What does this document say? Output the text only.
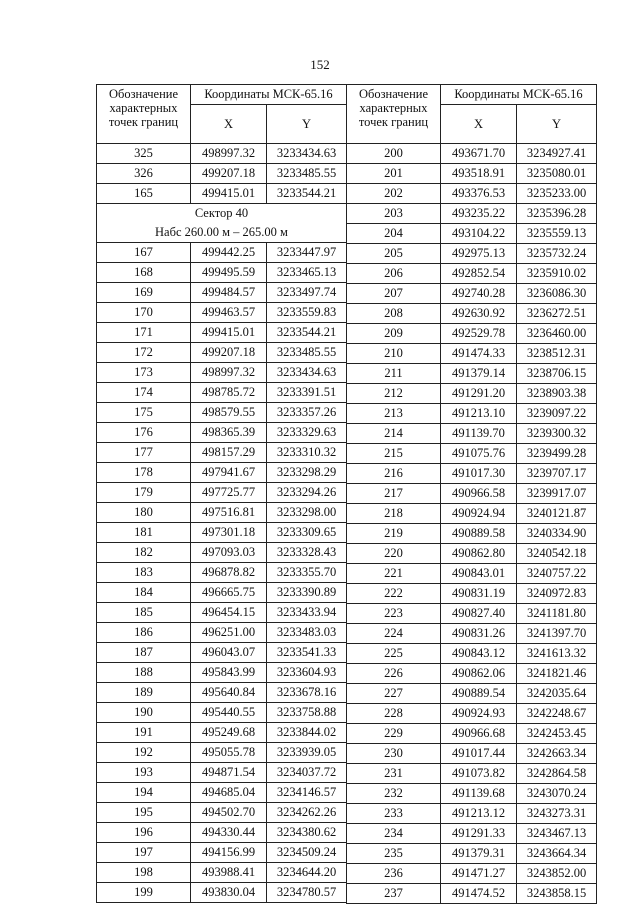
152
Обозначение характерных точек границ	Координаты МСК-65.16	
	X	Y
325	498997.32	3233434.63
326	499207.18	3233485.55
165	499415.01	3233544.21
Сектор 40		
Набс 260.00 м – 265.00 м		
167	499442.25	3233447.97
168	499495.59	3233465.13
169	499484.57	3233497.74
170	499463.57	3233559.83
171	499415.01	3233544.21
172	499207.18	3233485.55
173	498997.32	3233434.63
174	498785.72	3233391.51
175	498579.55	3233357.26
176	498365.39	3233329.63
177	498157.29	3233310.32
178	497941.67	3233298.29
179	497725.77	3233294.26
180	497516.81	3233298.00
181	497301.18	3233309.65
182	497093.03	3233328.43
183	496878.82	3233355.70
184	496665.75	3233390.89
185	496454.15	3233433.94
186	496251.00	3233483.03
187	496043.07	3233541.33
188	495843.99	3233604.93
189	495640.84	3233678.16
190	495440.55	3233758.88
191	495249.68	3233844.02
192	495055.78	3233939.05
193	494871.54	3234037.72
194	494685.04	3234146.57
195	494502.70	3234262.26
196	494330.44	3234380.62
197	494156.99	3234509.24
198	493988.41	3234644.20
199	493830.04	3234780.57
Обозначение характерных точек границ	Координаты МСК-65.16	
	X	Y
200	493671.70	3234927.41
201	493518.91	3235080.01
202	493376.53	3235233.00
203	493235.22	3235396.28
204	493104.22	3235559.13
205	492975.13	3235732.24
206	492852.54	3235910.02
207	492740.28	3236086.30
208	492630.92	3236272.51
209	492529.78	3236460.00
210	491474.33	3238512.31
211	491379.14	3238706.15
212	491291.20	3238903.38
213	491213.10	3239097.22
214	491139.70	3239300.32
215	491075.76	3239499.28
216	491017.30	3239707.17
217	490966.58	3239917.07
218	490924.94	3240121.87
219	490889.58	3240334.90
220	490862.80	3240542.18
221	490843.01	3240757.22
222	490831.19	3240972.83
223	490827.40	3241181.80
224	490831.26	3241397.70
225	490843.12	3241613.32
226	490862.06	3241821.46
227	490889.54	3242035.64
228	490924.93	3242248.67
229	490966.68	3242453.45
230	491017.44	3242663.34
231	491073.82	3242864.58
232	491139.68	3243070.24
233	491213.12	3243273.31
234	491291.33	3243467.13
235	491379.31	3243664.34
236	491471.27	3243852.00
237	491474.52	3243858.15
